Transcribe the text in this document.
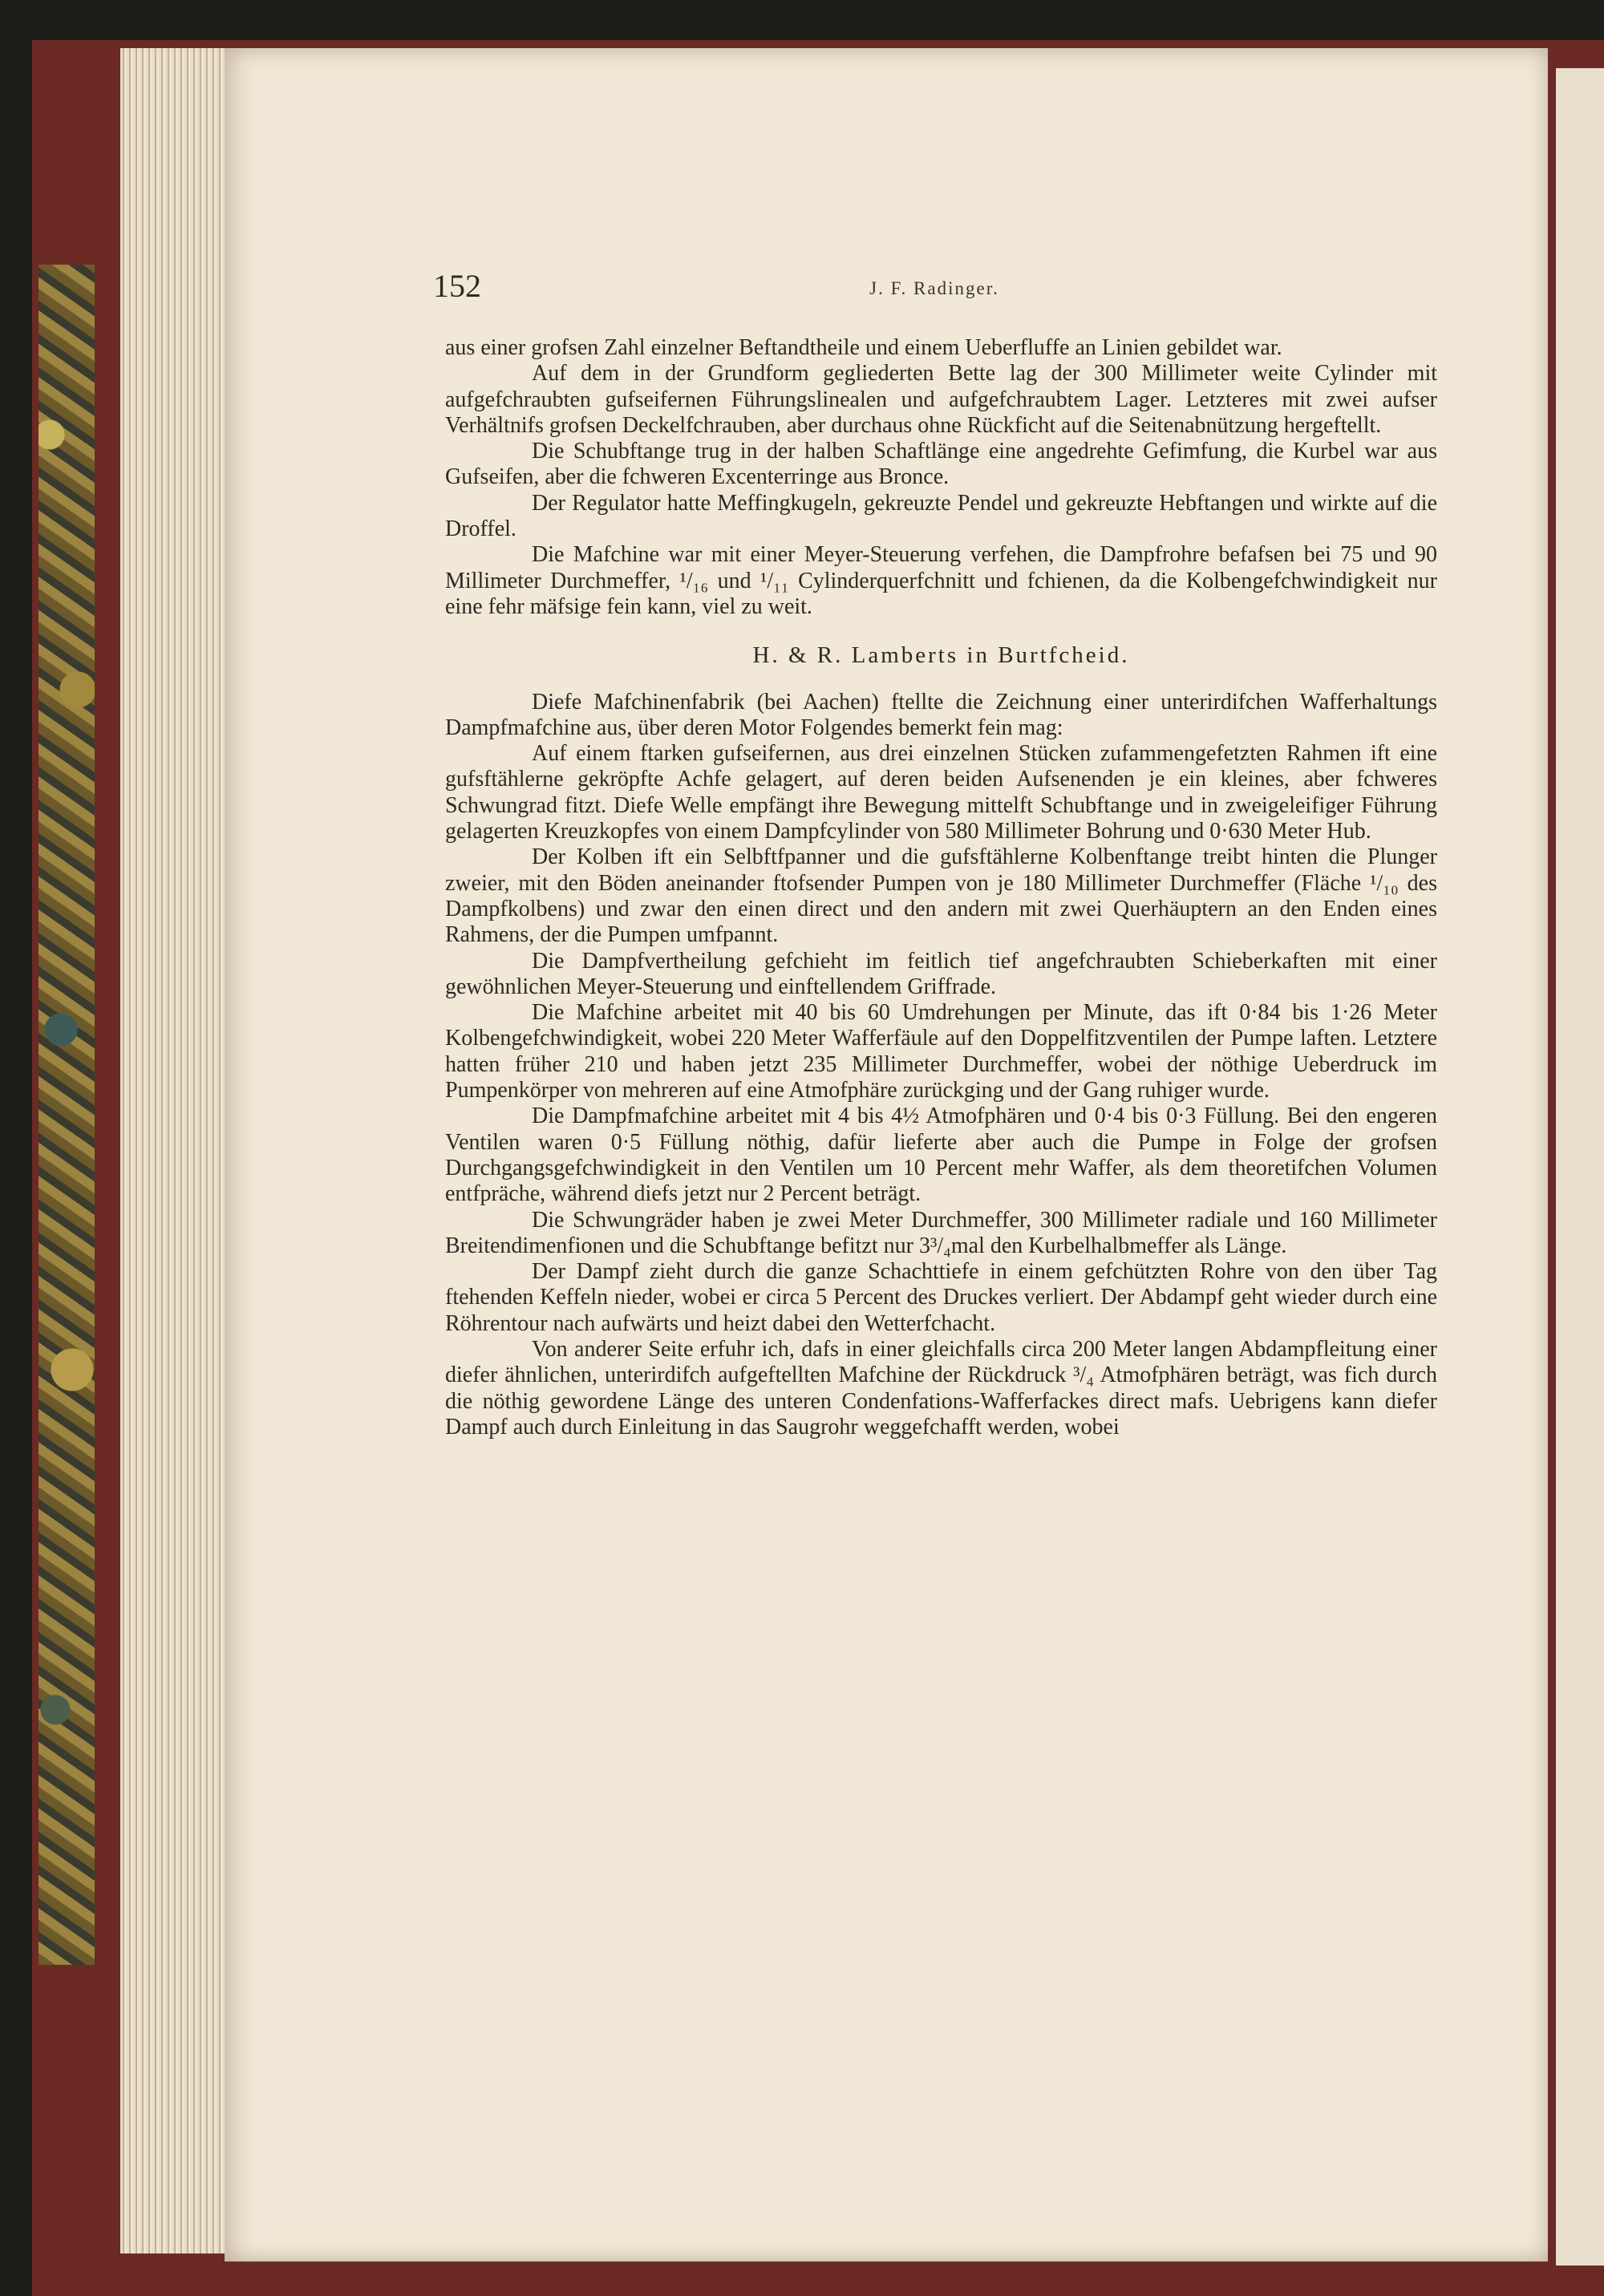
152	J. F. Radinger.

aus einer grofsen Zahl einzelner Beftandtheile und einem Ueberfluffe an Linien gebildet war.

Auf dem in der Grundform gegliederten Bette lag der 300 Millimeter weite Cylinder mit aufgefchraubten gufseifernen Führungslinealen und aufgefchraubtem Lager. Letzteres mit zwei aufser Verhältnifs grofsen Deckelfchrauben, aber durchaus ohne Rückficht auf die Seitenabnützung hergeftellt.

Die Schubftange trug in der halben Schaftlänge eine angedrehte Gefimfung, die Kurbel war aus Gufseifen, aber die fchweren Excenterringe aus Bronce.

Der Regulator hatte Meffingkugeln, gekreuzte Pendel und gekreuzte Hebftangen und wirkte auf die Droffel.

Die Mafchine war mit einer Meyer-Steuerung verfehen, die Dampfrohre befafsen bei 75 und 90 Millimeter Durchmeffer, ¹/₁₆ und ¹/₁₁ Cylinderquerfchnitt und fchienen, da die Kolbengefchwindigkeit nur eine fehr mäfsige fein kann, viel zu weit.

H. & R. Lamberts in Burtfcheid.

Diefe Mafchinenfabrik (bei Aachen) ftellte die Zeichnung einer unterirdifchen Wafferhaltungs Dampfmafchine aus, über deren Motor Folgendes bemerkt fein mag:

Auf einem ftarken gufseifernen, aus drei einzelnen Stücken zufammengefetzten Rahmen ift eine gufsftählerne gekröpfte Achfe gelagert, auf deren beiden Aufsenenden je ein kleines, aber fchweres Schwungrad fitzt. Diefe Welle empfängt ihre Bewegung mittelft Schubftange und in zweigeleifiger Führung gelagerten Kreuzkopfes von einem Dampfcylinder von 580 Millimeter Bohrung und 0·630 Meter Hub.

Der Kolben ift ein Selbftfpanner und die gufsftählerne Kolbenftange treibt hinten die Plunger zweier, mit den Böden aneinander ftofsender Pumpen von je 180 Millimeter Durchmeffer (Fläche ¹/₁₀ des Dampfkolbens) und zwar den einen direct und den andern mit zwei Querhäuptern an den Enden eines Rahmens, der die Pumpen umfpannt.

Die Dampfvertheilung gefchieht im feitlich tief angefchraubten Schieberkaften mit einer gewöhnlichen Meyer-Steuerung und einftellendem Griffrade.

Die Mafchine arbeitet mit 40 bis 60 Umdrehungen per Minute, das ift 0·84 bis 1·26 Meter Kolbengefchwindigkeit, wobei 220 Meter Wafferfäule auf den Doppelfitzventilen der Pumpe laften. Letztere hatten früher 210 und haben jetzt 235 Millimeter Durchmeffer, wobei der nöthige Ueberdruck im Pumpenkörper von mehreren auf eine Atmofphäre zurückging und der Gang ruhiger wurde.

Die Dampfmafchine arbeitet mit 4 bis 4½ Atmofphären und 0·4 bis 0·3 Füllung. Bei den engeren Ventilen waren 0·5 Füllung nöthig, dafür lieferte aber auch die Pumpe in Folge der grofsen Durchgangsgefchwindigkeit in den Ventilen um 10 Percent mehr Waffer, als dem theoretifchen Volumen entfpräche, während diefs jetzt nur 2 Percent beträgt.

Die Schwungräder haben je zwei Meter Durchmeffer, 300 Millimeter radiale und 160 Millimeter Breitendimenfionen und die Schubftange befitzt nur 3³/₄mal den Kurbelhalbmeffer als Länge.

Der Dampf zieht durch die ganze Schachttiefe in einem gefchützten Rohre von den über Tag ftehenden Keffeln nieder, wobei er circa 5 Percent des Druckes verliert. Der Abdampf geht wieder durch eine Röhrentour nach aufwärts und heizt dabei den Wetterfchacht.

Von anderer Seite erfuhr ich, dafs in einer gleichfalls circa 200 Meter langen Abdampfleitung einer diefer ähnlichen, unterirdifch aufgeftellten Mafchine der Rückdruck ³/₄ Atmofphären beträgt, was fich durch die nöthig gewordene Länge des unteren Condenfations-Wafferfackes direct mafs. Uebrigens kann diefer Dampf auch durch Einleitung in das Saugrohr weggefchafft werden, wobei
